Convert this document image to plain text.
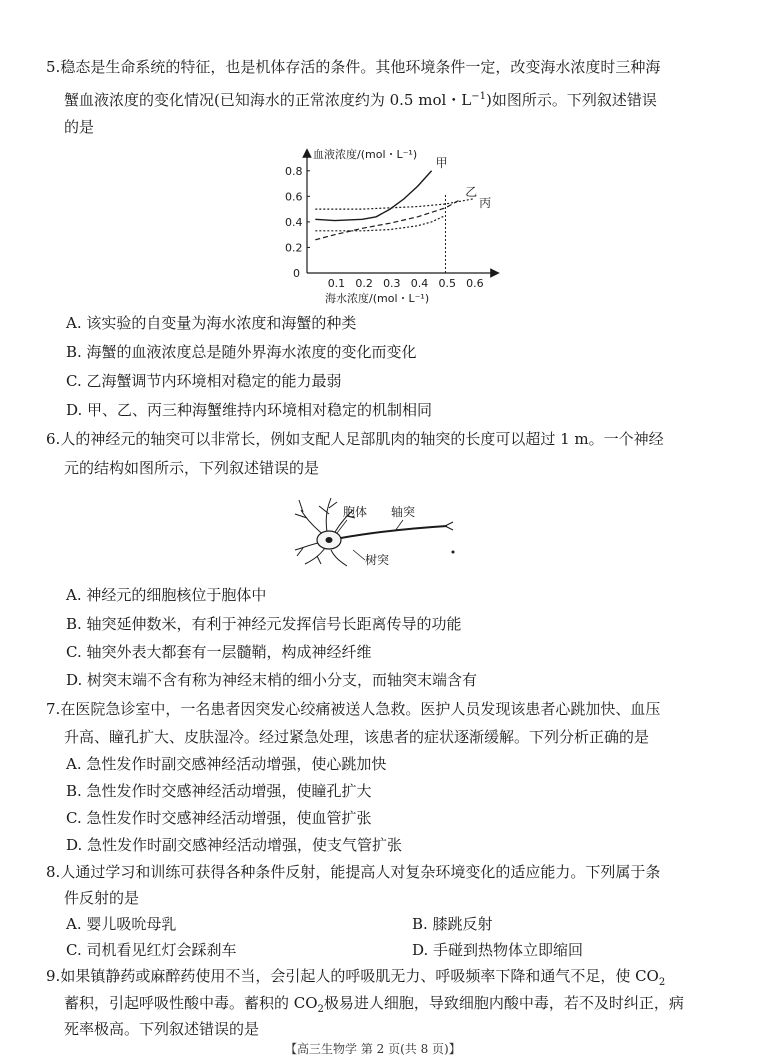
5.稳态是生命系统的特征，也是机体存活的条件。其他环境条件一定，改变海水浓度时三种海
蟹血液浓度的变化情况(已知海水的正常浓度约为 0.5 mol・$L^{-1}$)如图所示。下列叙述错误
的是
血液浓度/(mol・L⁻¹)
海水浓度/(mol・L⁻¹)
0.1 0.2 0.3 0.4 0.5 0.6
0
0.2
0.4
0.6
0.8
甲
乙
丙
A. 该实验的自变量为海水浓度和海蟹的种类
B. 海蟹的血液浓度总是随外界海水浓度的变化而变化
C. 乙海蟹调节内环境相对稳定的能力最弱
D. 甲、乙、丙三种海蟹维持内环境相对稳定的机制相同
6.人的神经元的轴突可以非常长，例如支配人足部肌肉的轴突的长度可以超过 1 m。一个神经
元的结构如图所示，下列叙述错误的是
胞体 轴突
树突
A. 神经元的细胞核位于胞体中
B. 轴突延伸数米，有利于神经元发挥信号长距离传导的功能
C. 轴突外表大都套有一层髓鞘，构成神经纤维
D. 树突末端不含有称为神经末梢的细小分支，而轴突末端含有
7.在医院急诊室中，一名患者因突发心绞痛被送人急救。医护人员发现该患者心跳加快、血压
升高、瞳孔扩大、皮肤湿冷。经过紧急处理，该患者的症状逐渐缓解。下列分析正确的是
A. 急性发作时副交感神经活动增强，使心跳加快
B. 急性发作时交感神经活动增强，使瞳孔扩大
C. 急性发作时交感神经活动增强，使血管扩张
D. 急性发作时副交感神经活动增强，使支气管扩张
8.人通过学习和训练可获得各种条件反射，能提高人对复杂环境变化的适应能力。下列属于条
件反射的是
A. 婴儿吸吮母乳	B. 膝跳反射
C. 司机看见红灯会踩刹车	D. 手碰到热物体立即缩回
9.如果镇静药或麻醉药使用不当，会引起人的呼吸肌无力、呼吸频率下降和通气不足，使 $CO_2$
蓄积，引起呼吸性酸中毒。蓄积的 $CO_2$极易进人细胞，导致细胞内酸中毒，若不及时纠正，病
死率极高。下列叙述错误的是
【高三生物学 第 2 页(共 8 页)】
